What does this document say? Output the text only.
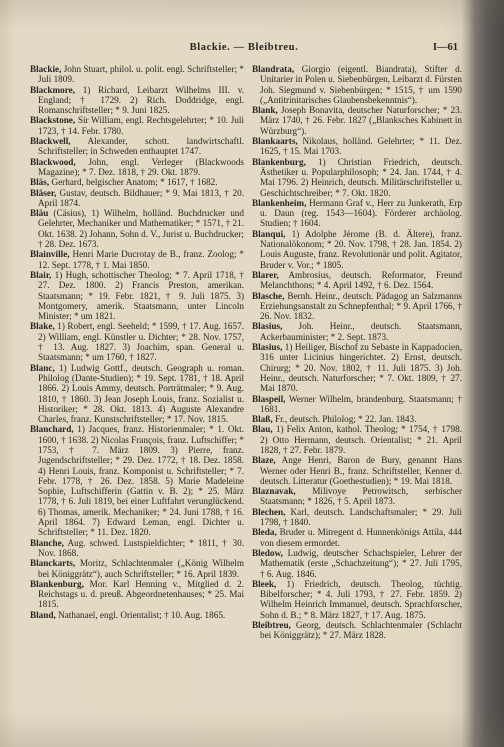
Blackie. — Bleibtreu.	I—61

Blackie, John Stuart, philol. u. polit. engl. Schriftsteller; * Juli 1809.

Blackmore, 1) Richard, Leibarzt Wilhelms III. v. England; † 1729. 2) Rich. Doddridge, engl. Romanschriftsteller; * 9. Juni 1825.

Blackstone, Sir William, engl. Rechtsgelehrter; * 10. Juli 1723, † 14. Febr. 1780.

Blackwell, Alexander, schott. landwirtschaftl. Schriftsteller; in Schweden enthauptet 1747.

Blackwood, John, engl. Verleger (Blackwoods Magazine); * 7. Dez. 1818, † 29. Okt. 1879.

Bläs, Gerhard, belgischer Anatom; * 1617, † 1682.

Bläser, Gustav, deutsch. Bildhauer; * 9. Mai 1813, † 20. April 1874.

Bläu (Cäsius), 1) Wilhelm, holländ. Buchdrucker und Gelehrter, Mechaniker und Mathematiker; * 1571, † 21. Okt. 1638. 2) Johann, Sohn d. V., Jurist u. Buchdrucker; † 28. Dez. 1673.

Blainville, Henri Marie Ducrotay de B., franz. Zoolog; * 12. Sept. 1778, † 1. Mai 1850.

Blair, 1) Hugh, schottischer Theolog; * 7. April 1718, † 27. Dez. 1800. 2) Francis Preston, amerikan. Staatsmann; * 19. Febr. 1821, † 9. Juli 1875. 3) Montgomery, amerik. Staatsmann, unter Lincoln Minister; * um 1821.

Blake, 1) Robert, engl. Seeheld; * 1599, † 17. Aug. 1657. 2) William, engl. Künstler u. Dichter; * 28. Nov. 1757, † 13. Aug. 1827. 3) Joachim, span. General u. Staatsmann; * um 1760, † 1827.

Blanc, 1) Ludwig Gottf., deutsch. Geograph u. roman. Philolog (Dante-Studien); * 19. Sept. 1781, † 18. April 1866. 2) Louis Ammy, deutsch. Porträtmaler; * 9. Aug. 1810, † 1860. 3) Jean Joseph Louis, franz. Sozialist u. Historiker; * 28. Okt. 1813. 4) Auguste Alexandre Charles, franz. Kunstschriftsteller; * 17. Nov. 1815.

Blanchard, 1) Jacques, franz. Historienmaler; * 1. Okt. 1600, † 1638. 2) Nicolas François, franz. Luftschiffer; * 1753, † 7. März 1809. 3) Pierre, franz. Jugendschriftsteller; * 29. Dez. 1772, † 18. Dez. 1858. 4) Henri Louis, franz. Komponist u. Schriftsteller; * 7. Febr. 1778, † 26. Dez. 1858. 5) Marie Madeleine Sophie, Luftschifferin (Gattin v. B. 2); * 25. März 1778, † 6. Juli 1819, bei einer Luftfahrt verunglückend. 6) Thomas, amerik. Mechaniker; * 24. Juni 1788, † 16. April 1864. 7) Edward Leman, engl. Dichter u. Schriftsteller; * 11. Dez. 1820.

Blanche, Aug. schwed. Lustspieldichter; * 1811, † 30. Nov. 1868.

Blanckarts, Moritz, Schlachtenmaler („König Wilhelm bei Königgrätz“), auch Schriftsteller; * 16. April 1839.

Blankenburg, Mor. Karl Henning v., Mitglied d. 2. Reichstags u. d. preuß. Abgeordnetenhauses; * 25. Mai 1815.

Bland, Nathanael, engl. Orientalist; † 10. Aug. 1865.

Blandrata, Giorgio (eigentl. Biandrata), Stifter d. Unitarier in Polen u. Siebenbürgen, Leibarzt d. Fürsten Joh. Siegmund v. Siebenbürgen; * 1515, † um 1590 („Antitrinitarisches Glaubensbekenntnis“).

Blank, Joseph Bonavita, deutscher Naturforscher; * 23. März 1740, † 26. Febr. 1827 („Blanksches Kabinett in Würzburg“).

Blankaarts, Nikolaus, holländ. Gelehrter; * 11. Dez. 1625, † 15. Mai 1703.

Blankenburg, 1) Christian Friedrich, deutsch. Ästhetiker u. Popularphilosoph; * 24. Jan. 1744, † 4. Mai 1796. 2) Heinrich, deutsch. Militärschriftsteller u. Geschichtschreiber; * 7. Okt. 1820.

Blankenheim, Hermann Graf v., Herr zu Junkerath, Erp u. Daun (reg. 1543—1604). Förderer archäolog. Studien; † 1604.

Blanqui, 1) Adolphe Jérome (B. d. Ältere), franz. Nationalökonom; * 20. Nov. 1798, † 28. Jan. 1854. 2) Louis Auguste, franz. Revolutionär und polit. Agitator, Bruder v. Vor.; * 1805.

Blarer, Ambrosius, deutsch. Reformator, Freund Melanchthons; * 4. April 1492, † 6. Dez. 1564.

Blasche, Bernh. Heinr., deutsch. Pädagog an Salzmanns Erziehungsanstalt zu Schnepfenthal; * 9. April 1766, † 26. Nov. 1832.

Blasius, Joh. Heinr., deutsch. Staatsmann, Ackerbauminister; * 2. Sept. 1873.

Blasius, 1) Heiliger, Bischof zu Sebaste in Kappadocien, 316 unter Licinius hingerichtet. 2) Ernst, deutsch. Chirurg; * 20. Nov. 1802, † 11. Juli 1875. 3) Joh. Heinr., deutsch. Naturforscher; * 7. Okt. 1809, † 27. Mai 1870.

Blaspeil, Werner Wilhelm, brandenburg. Staatsmann; † 1681.

Blaß, Fr., deutsch. Philolog; * 22. Jan. 1843.

Blau, 1) Felix Anton, kathol. Theolog; * 1754, † 1798. 2) Otto Hermann, deutsch. Orientalist; * 21. April 1828, † 27. Febr. 1879.

Blaze, Ange Henri, Baron de Bury, genannt Hans Werner oder Henri B., franz. Schriftsteller, Kenner d. deutsch. Litteratur (Goethestudien); * 19. Mai 1818.

Blaznavak, Milivoye Petrowitsch, serbischer Staatsmann; * 1826, † 5. April 1873.

Blechen, Karl, deutsch. Landschaftsmaler; * 29. Juli 1798, † 1840.

Bleda, Bruder u. Mitregent d. Hunnenkönigs Attila, 444 von diesem ermordet.

Bledow, Ludwig, deutscher Schachspieler, Lehrer der Mathematik (erste „Schachzeitung“); * 27. Juli 1795, † 6. Aug. 1846.

Bleek, 1) Friedrich, deutsch. Theolog, tüchtig. Bibelforscher; * 4. Juli 1793, † 27. Febr. 1859. 2) Wilhelm Heinrich Immanuel, deutsch. Sprachforscher, Sohn d. B.; * 8. März 1827, † 17. Aug. 1875.

Bleibtreu, Georg, deutsch. Schlachtenmaler (Schlacht bei Königgrätz); * 27. März 1828.
